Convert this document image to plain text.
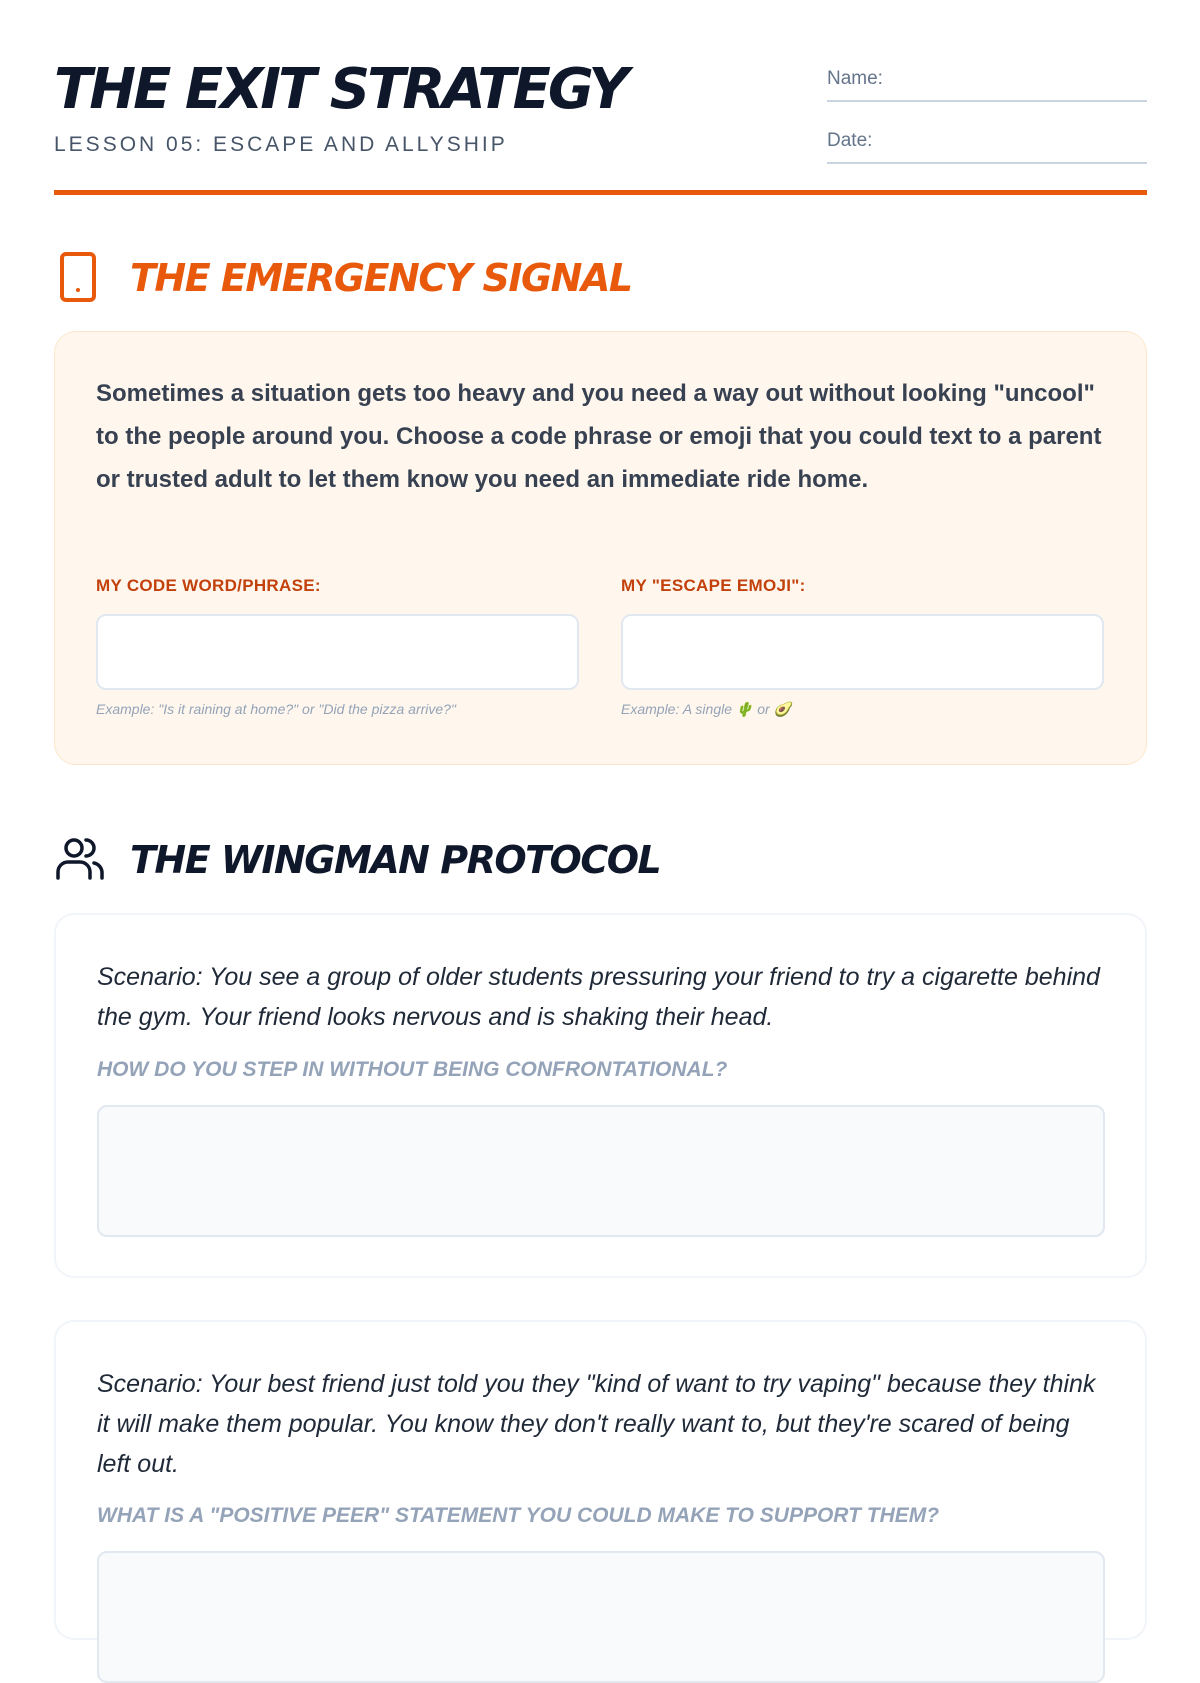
THE EXIT STRATEGY
LESSON 05: ESCAPE AND ALLYSHIP
Name:
Date:
THE EMERGENCY SIGNAL
Sometimes a situation gets too heavy and you need a way out without looking "uncool" to the people around you. Choose a code phrase or emoji that you could text to a parent or trusted adult to let them know you need an immediate ride home.
MY CODE WORD/PHRASE:
Example: "Is it raining at home?" or "Did the pizza arrive?"
MY "ESCAPE EMOJI":
Example: A single 🌵 or 🥑
THE WINGMAN PROTOCOL
Scenario: You see a group of older students pressuring your friend to try a cigarette behind the gym. Your friend looks nervous and is shaking their head.
HOW DO YOU STEP IN WITHOUT BEING CONFRONTATIONAL?
Scenario: Your best friend just told you they "kind of want to try vaping" because they think it will make them popular. You know they don't really want to, but they're scared of being left out.
WHAT IS A "POSITIVE PEER" STATEMENT YOU COULD MAKE TO SUPPORT THEM?
